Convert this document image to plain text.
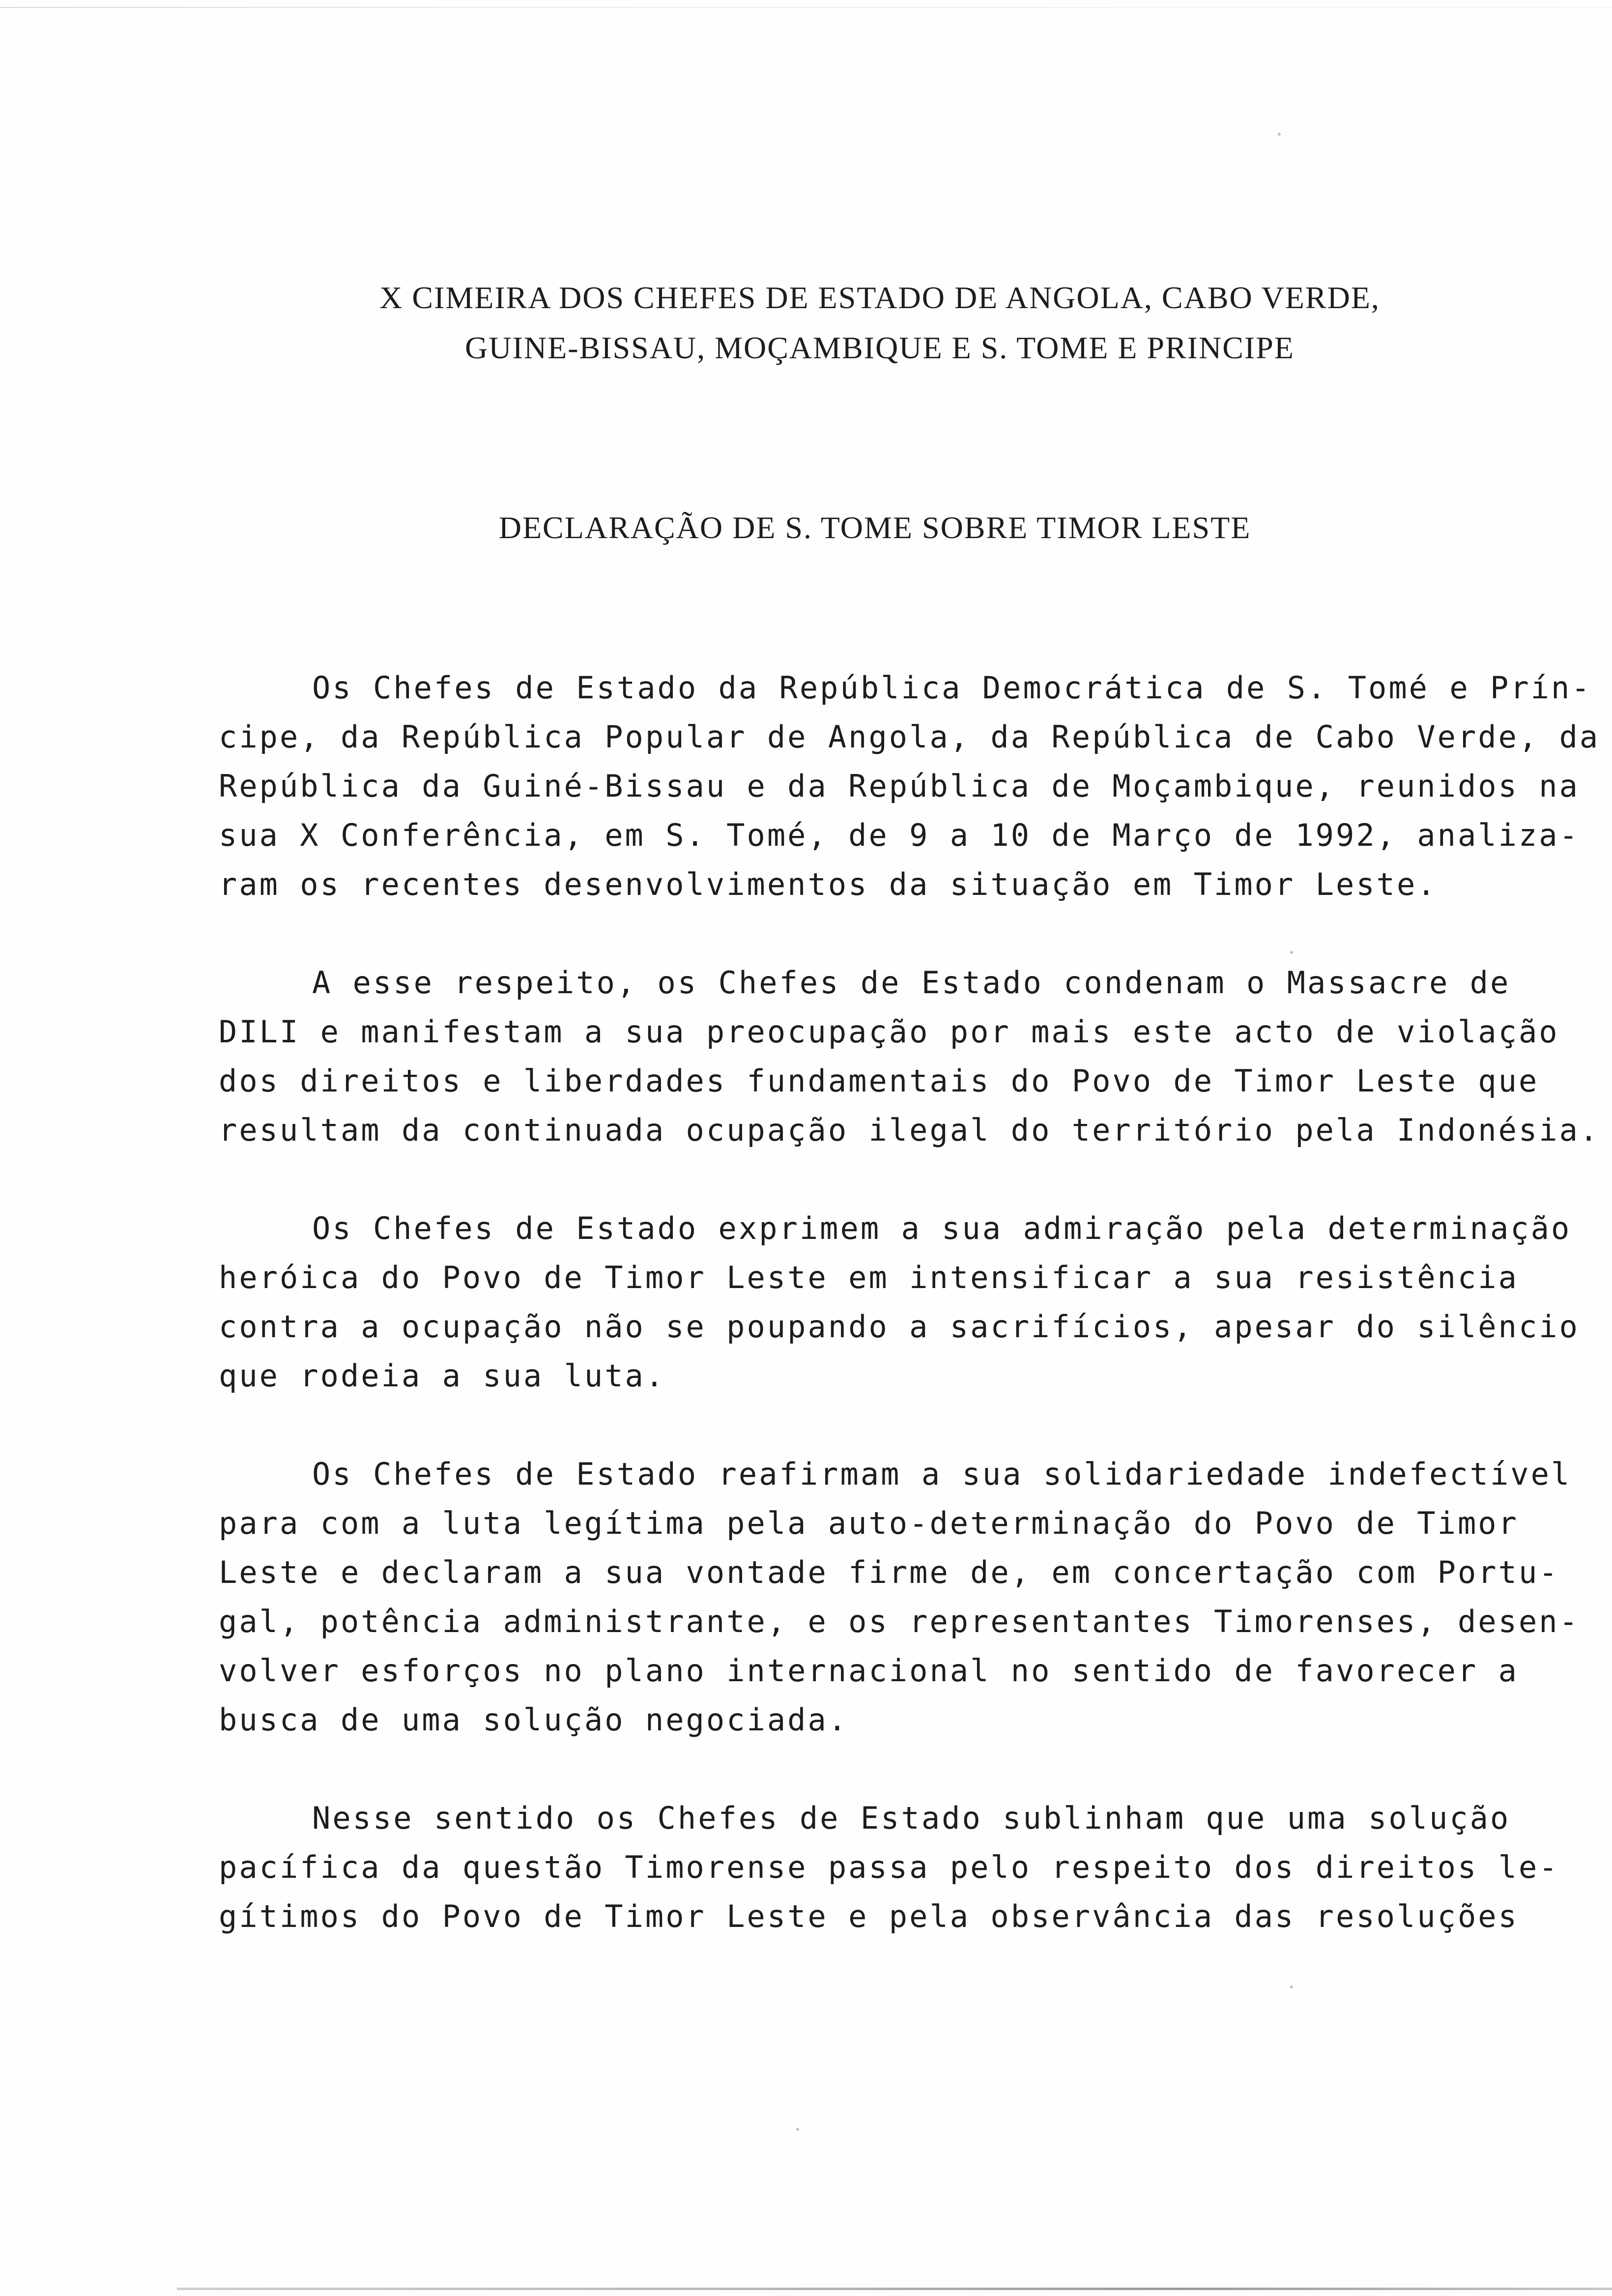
X CIMEIRA DOS CHEFES DE ESTADO DE ANGOLA, CABO VERDE,
GUINE-BISSAU, MOÇAMBIQUE E S. TOME E PRINCIPE
DECLARAÇÃO DE S. TOME SOBRE TIMOR LESTE
Os Chefes de Estado da República Democrática de S. Tomé e Prín-
cipe, da República Popular de Angola, da República de Cabo Verde, da
República da Guiné-Bissau e da República de Moçambique, reunidos na
sua X Conferência, em S. Tomé, de 9 a 10 de Março de 1992, analiza-
ram os recentes desenvolvimentos da situação em Timor Leste.
A esse respeito, os Chefes de Estado condenam o Massacre de
DILI e manifestam a sua preocupação por mais este acto de violação
dos direitos e liberdades fundamentais do Povo de Timor Leste que
resultam da continuada ocupação ilegal do território pela Indonésia.
Os Chefes de Estado exprimem a sua admiração pela determinação
heróica do Povo de Timor Leste em intensificar a sua resistência
contra a ocupação não se poupando a sacrifícios, apesar do silêncio
que rodeia a sua luta.
Os Chefes de Estado reafirmam a sua solidariedade indefectível
para com a luta legítima pela auto-determinação do Povo de Timor
Leste e declaram a sua vontade firme de, em concertação com Portu-
gal, potência administrante, e os representantes Timorenses, desen-
volver esforços no plano internacional no sentido de favorecer a
busca de uma solução negociada.
Nesse sentido os Chefes de Estado sublinham que uma solução
pacífica da questão Timorense passa pelo respeito dos direitos le-
gítimos do Povo de Timor Leste e pela observância das resoluções
